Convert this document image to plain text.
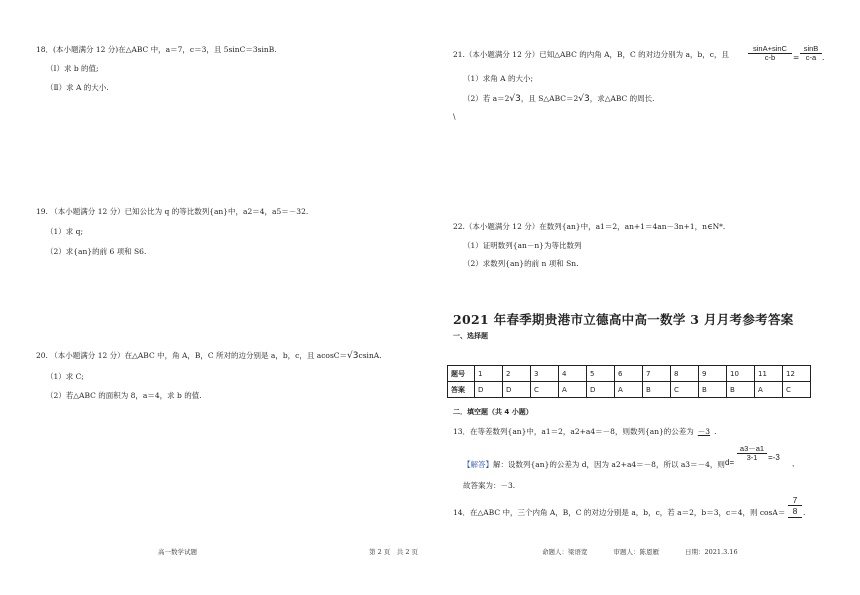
18．(本小题满分 12 分)在△ABC 中，a＝7，c＝3，且 5sinC＝3sinB.
（Ⅰ）求 b 的值;
（Ⅱ）求 A 的大小.
19. （本小题满分 12 分）已知公比为 q 的等比数列{an}中，a2＝4，a5＝－32.
（1）求 q;
（2）求{an}的前 6 项和 S6.
20. （本小题满分 12 分）在△ABC 中，角 A，B，C 所对的边分别是 a，b，c，且 acosC＝√3csinA.
（1）求 C;
（2）若△ABC 的面积为 8，a＝4，求 b 的值.
高一数学试题	第 2 页　共 2 页
21.（本小题满分 12 分）已知△ABC 的内角 A，B，C 的对边分别为 a，b，c，且	$\frac{\sin A+\sin C}{c-b} = \frac{\sin B}{c-a}$ .
（1）求角 A 的大小;
（2）若 a＝2√3，且 S△ABC＝2√3，求△ABC 的周长.
\
22.（本小题满分 12 分）在数列{an}中，a1＝2，an+1＝4an－3n+1，n∈N*.
（1）证明数列{an－n}为等比数列
（2）求数列{an}的前 n 项和 Sn.
2021 年春季期贵港市立德高中高一数学 3 月月考参考答案
一、选择题
题号	1	2	3	4	5	6	7	8	9	10	11	12
答案	D	D	C	A	D	A	B	C	B	B	A	C
二．填空题（共 4 小题）
13．在等差数列{an}中，a1＝2，a2+a4＝－8，则数列{an}的公差为 －3 .
【解答】解：设数列{an}的公差为 d，因为 a2+a4＝－8，所以 a3＝－4，则 d=
$\frac{a3-a1}{3-1} =-3$
,
故答案为：－3.
14．在△ABC 中，三个内角 A，B，C 的对边分别是 a，b，c，若 a＝2，b＝3，c＝4，则 $\cos A= \frac{7}{8}$ .
命题人：梁语宽　　　　审题人：陈恩雁　　　　日期：2021.3.16
